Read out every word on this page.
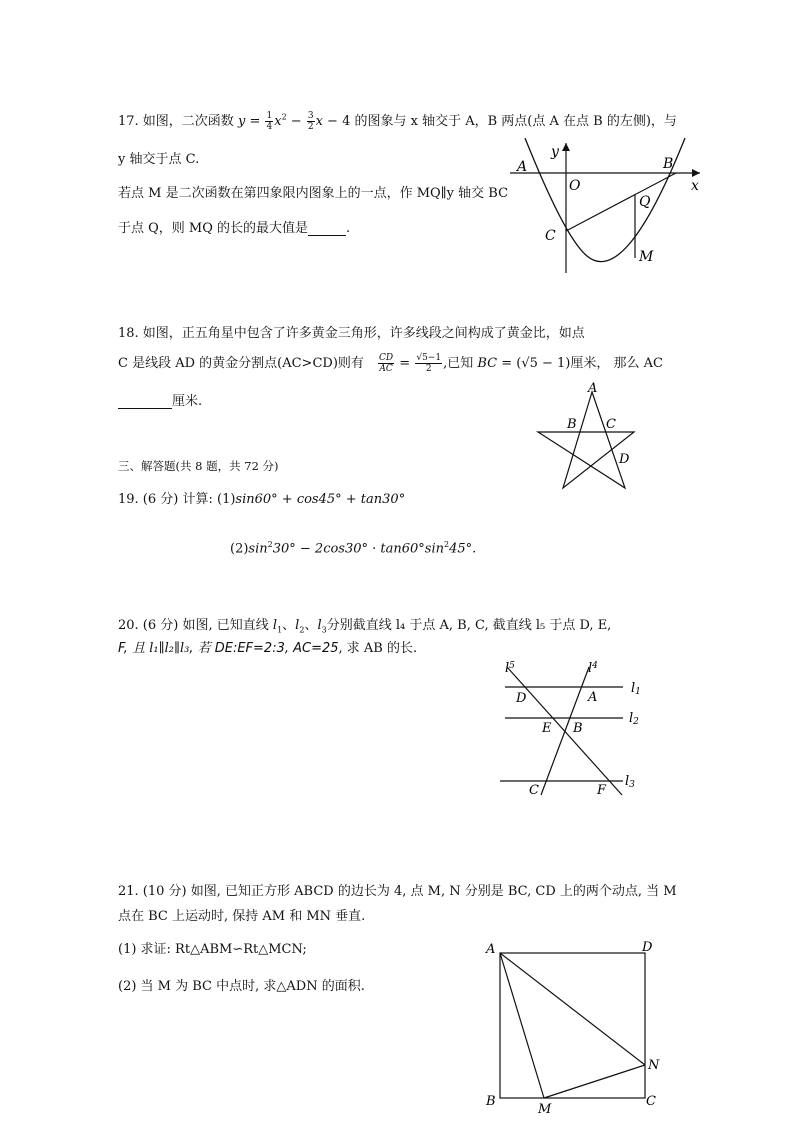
17. 如图，二次函数 $y = \frac{1}{4} x^2 - \frac{3}{2}$ x − 4 的图象与 x 轴交于 A，B 两点(点 A 在点 B 的左侧)，与
y 轴交于点 C.
若点 M 是二次函数在第四象限内图象上的一点，作 MQ∥y 轴交 BC
于点 Q，则 MQ 的长的最大值是	.
A	B
C
O
Q
M
x
y
18. 如图，正五角星中包含了许多黄金三角形，许多线段之间构成了黄金比，如点
C 是线段 AD 的黄金分割点(AC>CD)则有 $\frac{CD}{AC} = \frac{√5-1}{2}$ ,已知 BC = (√5 − 1)厘米， 那么 AC
厘米.
A
B C
D
三、解答题(共 8 题，共 72 分)
19. (6 分) 计算: (1)sin60° + cos45° + tan30°
$(2)\sin^230^\circ - 2\cos 30^\circ \cdot \tan 60^\circ\sin^245^\circ$.
20. (6 分) 如图, 已知直线 $l_1$、$l_2$、$l_3$分别截直线 l₄ 于点 A, B, C, 截直线 l₅ 于点 D, E,
F, 且 l₁∥l₂∥l₃, 若 DE:EF=2:3, AC=25, 求 AB 的长.
$l^5$	$l^4$
l1
l2
l3
A
B
C
D
E
F
21. (10 分) 如图, 已知正方形 ABCD 的边长为 4, 点 M, N 分别是 BC, CD 上的两个动点, 当 M
点在 BC 上运动时, 保持 AM 和 MN 垂直.
(1) 求证: Rt△ABM∽Rt△MCN;
(2) 当 M 为 BC 中点时, 求△ADN 的面积.
A	D
B	C
M
N
